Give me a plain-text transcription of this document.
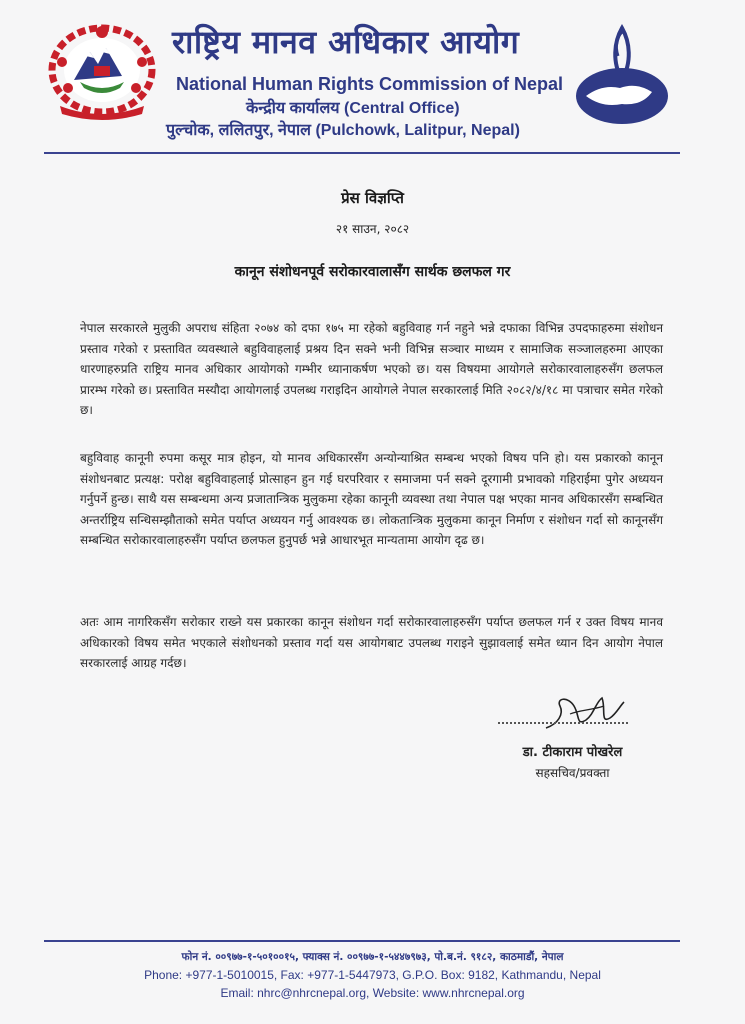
राष्ट्रिय मानव अधिकार आयोग
National Human Rights Commission of Nepal
केन्द्रीय कार्यालय (Central Office)
पुल्चोक, ललितपुर, नेपाल (Pulchowk, Lalitpur, Nepal)
प्रेस विज्ञप्ति
२१ साउन, २०८२
कानून संशोधनपूर्व सरोकारवालासँग सार्थक छलफल गर

नेपाल सरकारले मुलुकी अपराध संहिता २०७४ को दफा १७५ मा रहेको बहुविवाह गर्न नहुने भन्ने दफाका विभिन्न उपदफाहरुमा संशोधन प्रस्ताव गरेको र प्रस्तावित व्यवस्थाले बहुविवाहलाई प्रश्रय दिन सक्ने भनी विभिन्न सञ्चार माध्यम र सामाजिक सञ्जालहरुमा आएका धारणाहरुप्रति राष्ट्रिय मानव अधिकार आयोगको गम्भीर ध्यानाकर्षण भएको छ। यस विषयमा आयोगले सरोकारवालाहरुसँग छलफल प्रारम्भ गरेको छ। प्रस्तावित मस्यौदा आयोगलाई उपलब्ध गराइदिन आयोगले नेपाल सरकारलाई मिति २०८२/४/१८ मा पत्राचार समेत गरेको छ।

बहुविवाह कानूनी रुपमा कसूर मात्र होइन, यो मानव अधिकारसँग अन्योन्याश्रित सम्बन्ध भएको विषय पनि हो। यस प्रकारको कानून संशोधनबाट प्रत्यक्ष: परोक्ष बहुविवाहलाई प्रोत्साहन हुन गई घरपरिवार र समाजमा पर्न सक्ने दूरगामी प्रभावको गहिराईमा पुगेर अध्ययन गर्नुपर्ने हुन्छ। साथै यस सम्बन्धमा अन्य प्रजातान्त्रिक मुलुकमा रहेका कानूनी व्यवस्था तथा नेपाल पक्ष भएका मानव अधिकारसँग सम्बन्धित अन्तर्राष्ट्रिय सन्धिसम्झौताको समेत पर्याप्त अध्ययन गर्नु आवश्यक छ। लोकतान्त्रिक मुलुकमा कानून निर्माण र संशोधन गर्दा सो कानूनसँग सम्बन्धित सरोकारवालाहरुसँग पर्याप्त छलफल हुनुपर्छ भन्ने आधारभूत मान्यतामा आयोग दृढ छ।

अतः आम नागरिकसँग सरोकार राख्ने यस प्रकारका कानून संशोधन गर्दा सरोकारवालाहरुसँग पर्याप्त छलफल गर्न र उक्त विषय मानव अधिकारको विषय समेत भएकाले संशोधनको प्रस्ताव गर्दा यस आयोगबाट उपलब्ध गराइने सुझावलाई समेत ध्यान दिन आयोग नेपाल सरकारलाई आग्रह गर्दछ।

डा. टीकाराम पोखरेल
सहसचिव/प्रवक्ता
फोन नं. ००९७७-१-५०१००१५, फ्याक्स नं. ००९७७-१-५४४७९७३, पो.ब.नं. ९१८२, काठमाडौं, नेपाल
Phone: +977-1-5010015, Fax: +977-1-5447973, G.P.O. Box: 9182, Kathmandu, Nepal
Email: nhrc@nhrcnepal.org, Website: www.nhrcnepal.org
